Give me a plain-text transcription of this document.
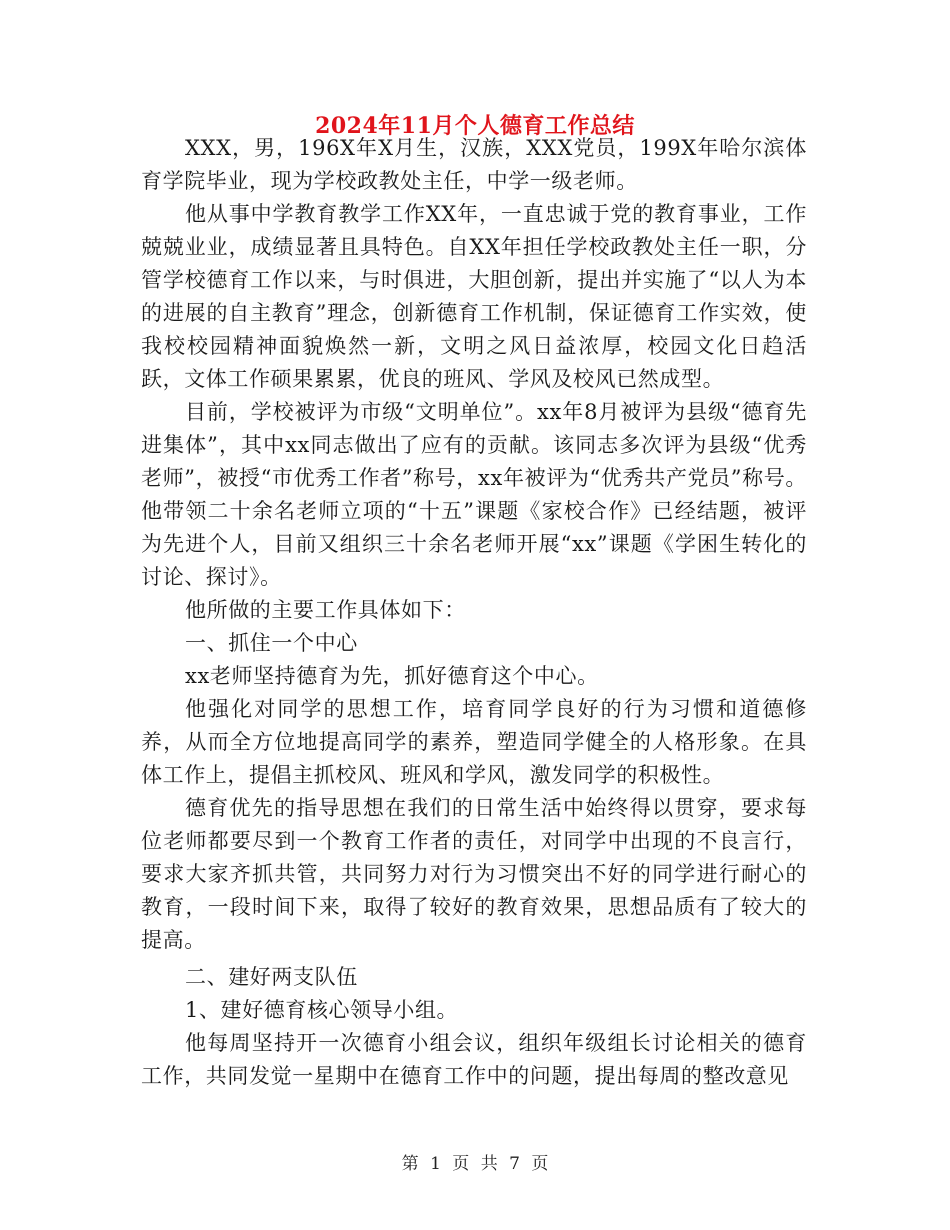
2024年11月个人德育工作总结

XXX，男，196X年X月生，汉族，XXX党员，199X年哈尔滨体育学院毕业，现为学校政教处主任，中学一级老师。

他从事中学教育教学工作XX年，一直忠诚于党的教育事业，工作兢兢业业，成绩显著且具特色。自XX年担任学校政教处主任一职，分管学校德育工作以来，与时俱进，大胆创新，提出并实施了“以人为本的进展的自主教育”理念，创新德育工作机制，保证德育工作实效，使我校校园精神面貌焕然一新，文明之风日益浓厚，校园文化日趋活跃，文体工作硕果累累，优良的班风、学风及校风已然成型。

目前，学校被评为市级“文明单位”。xx年8月被评为县级“德育先进集体”，其中xx同志做出了应有的贡献。该同志多次评为县级“优秀老师”，被授“市优秀工作者”称号，xx年被评为“优秀共产党员”称号。他带领二十余名老师立项的“十五”课题《家校合作》已经结题，被评为先进个人，目前又组织三十余名老师开展“xx”课题《学困生转化的讨论、探讨》。

他所做的主要工作具体如下：

一、抓住一个中心

xx老师坚持德育为先，抓好德育这个中心。

他强化对同学的思想工作，培育同学良好的行为习惯和道德修养，从而全方位地提高同学的素养，塑造同学健全的人格形象。在具体工作上，提倡主抓校风、班风和学风，激发同学的积极性。

德育优先的指导思想在我们的日常生活中始终得以贯穿，要求每位老师都要尽到一个教育工作者的责任，对同学中出现的不良言行，要求大家齐抓共管，共同努力对行为习惯突出不好的同学进行耐心的教育，一段时间下来，取得了较好的教育效果，思想品质有了较大的提高。

二、建好两支队伍

1、建好德育核心领导小组。

他每周坚持开一次德育小组会议，组织年级组长讨论相关的德育工作，共同发觉一星期中在德育工作中的问题，提出每周的整改意见

第 1 页 共 7 页
